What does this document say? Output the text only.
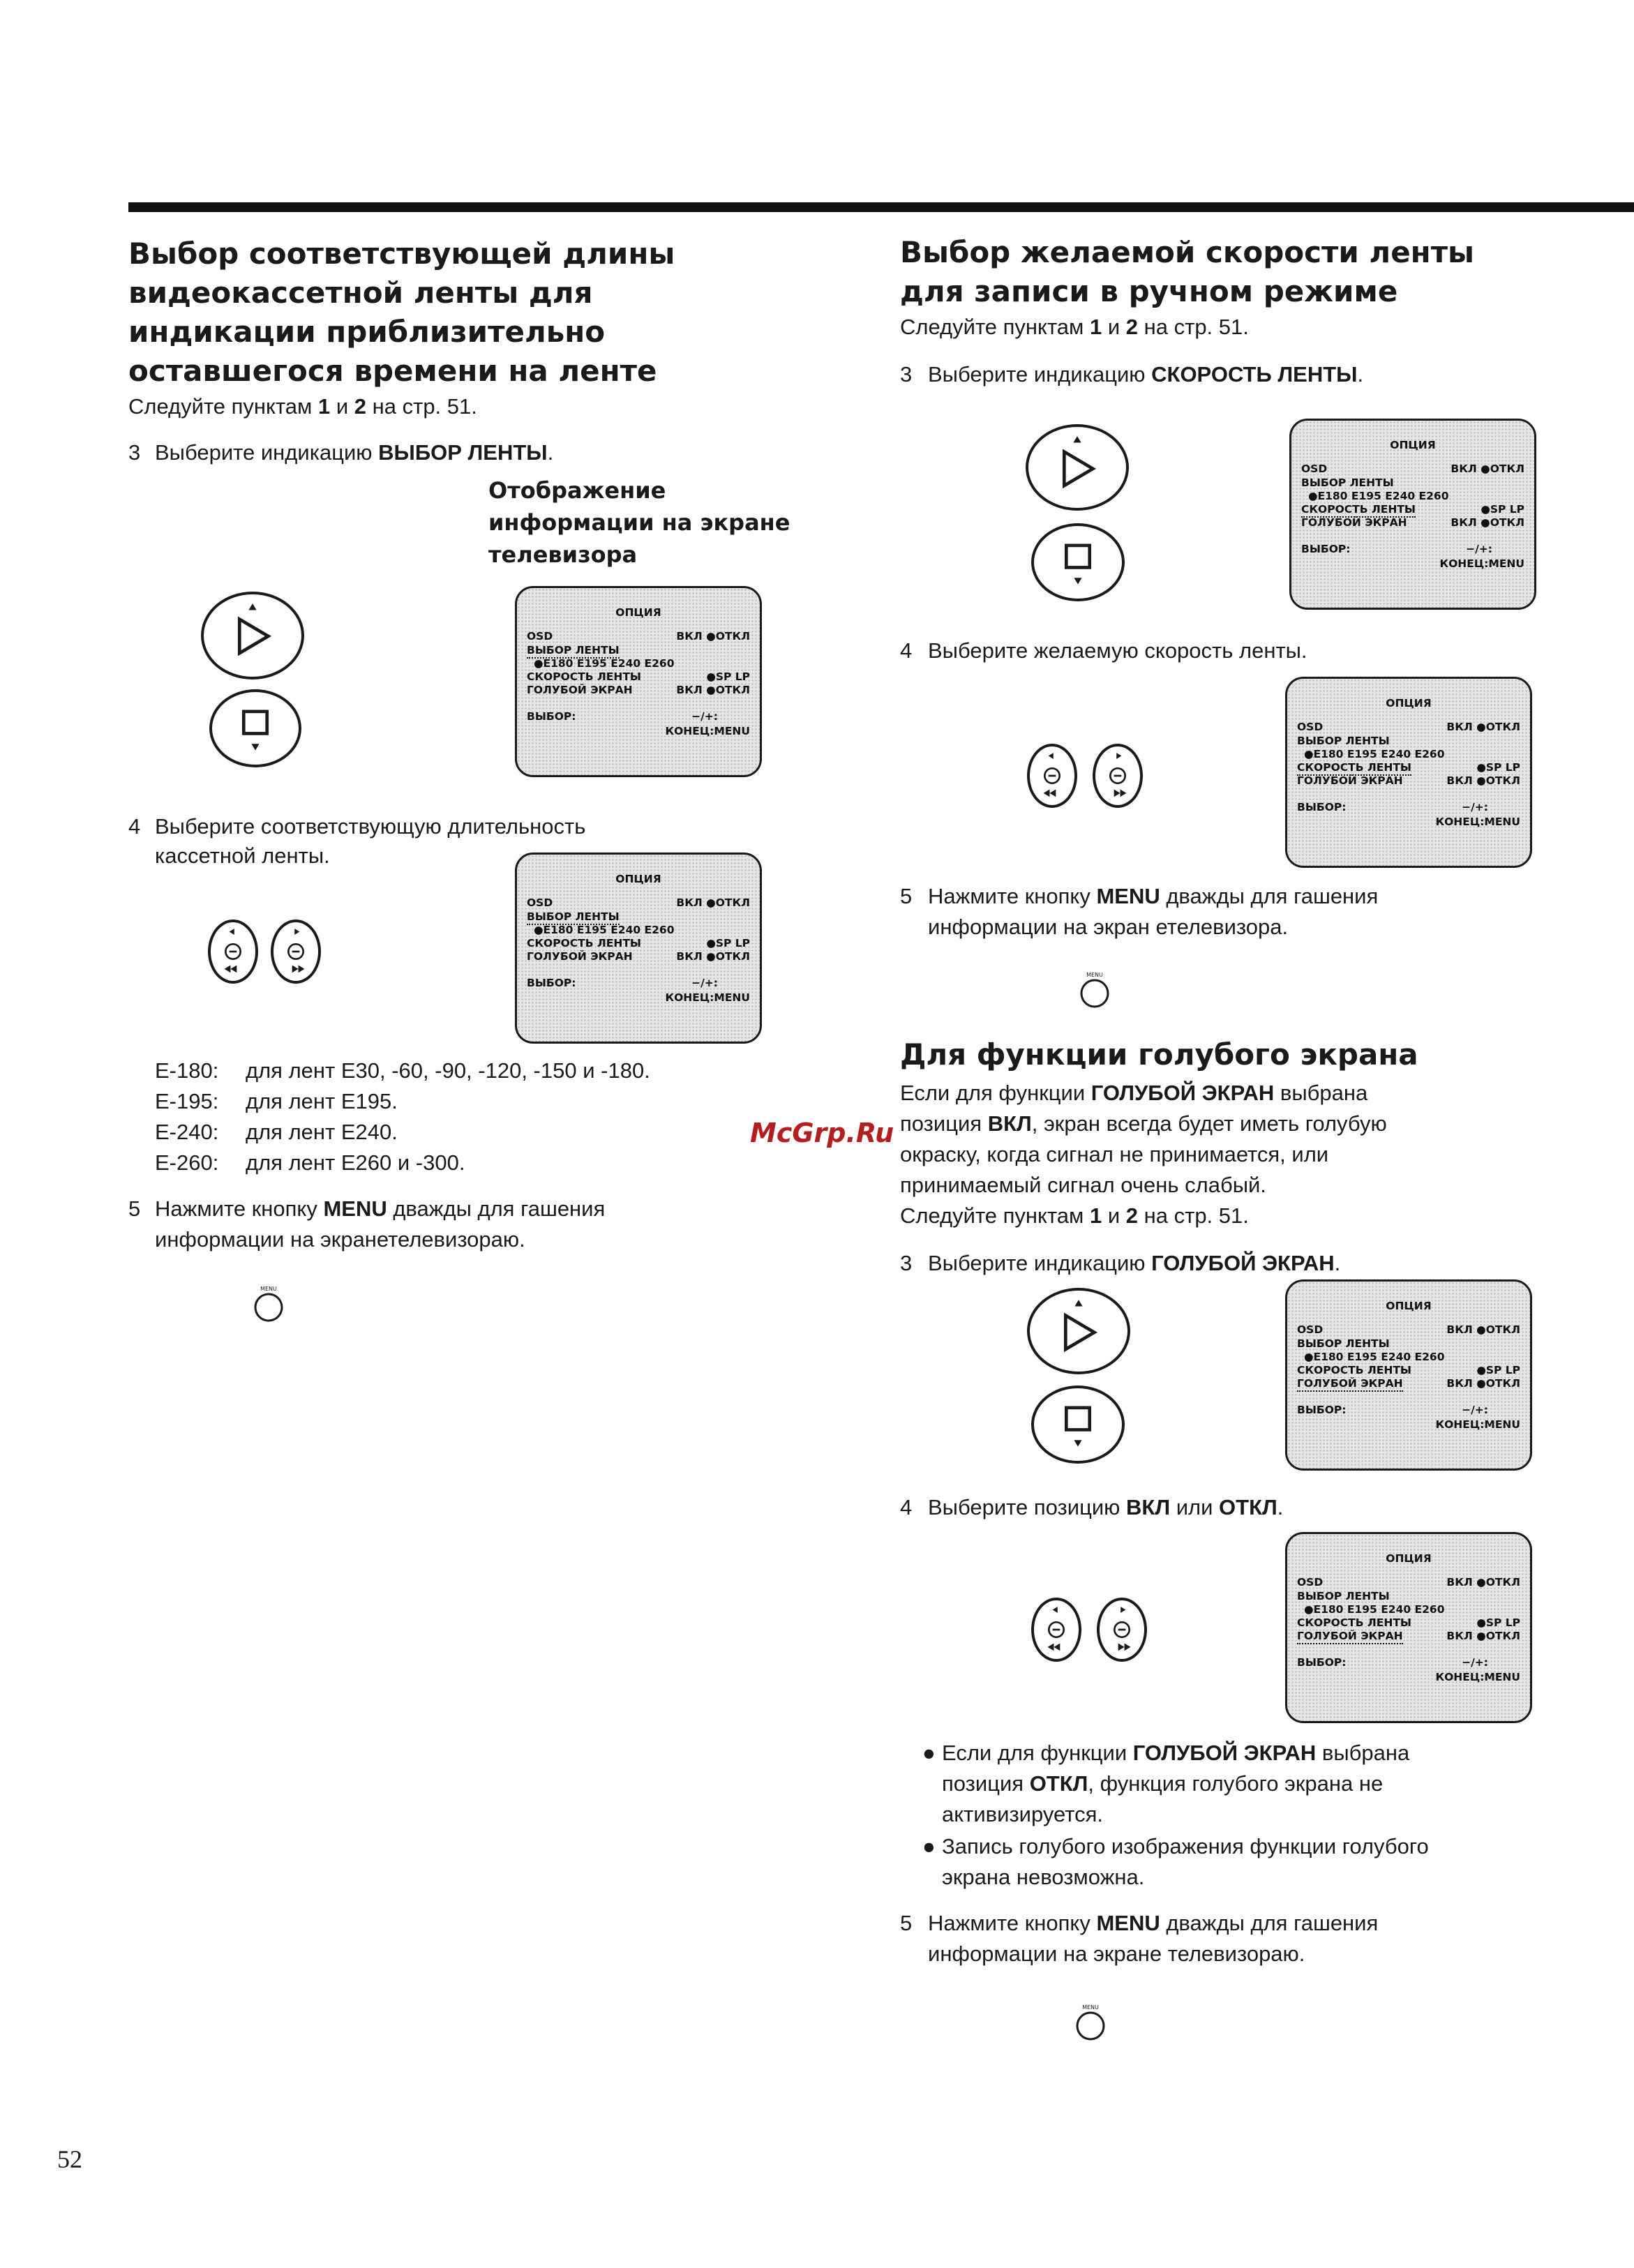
Выбор соответствующей длины
видеокассетной ленты для
индикации приблизительно
оставшегося времени на ленте
Следуйте пунктам 1 и 2 на стр. 51.
3 Выберите индикацию ВЫБОР ЛЕНТЫ.
Отображение
информации на экране
телевизора
ОПЦИЯ
OSD	ВКЛ ●ОТКЛ
ВЫБОР ЛЕНТЫ
●E180 E195 E240 E260
СКОРОСТЬ ЛЕНТЫ	●SP LP
ГОЛУБОЙ ЭКРАН	ВКЛ ●ОТКЛ
ВЫБОР:	−/+:
КОНЕЦ:MENU
4 Выберите соответствующую длительность
кассетной ленты.
ОПЦИЯ
OSD	ВКЛ ●ОТКЛ
ВЫБОР ЛЕНТЫ
●E180 E195 E240 E260
СКОРОСТЬ ЛЕНТЫ	●SP LP
ГОЛУБОЙ ЭКРАН	ВКЛ ●ОТКЛ
ВЫБОР:	−/+:
КОНЕЦ:MENU
E-180: для лент E30, -60, -90, -120, -150 и -180.
E-195: для лент E195.
E-240: для лент E240.
E-260: для лент E260 и -300.
5 Нажмите кнопку MENU дважды для гашения
информации на экранетелевизораю.
MENU
Выбор желаемой скорости ленты
для записи в ручном режиме
Следуйте пунктам 1 и 2 на стр. 51.
3 Выберите индикацию СКОРОСТЬ ЛЕНТЫ.
ОПЦИЯ
OSD	ВКЛ ●ОТКЛ
ВЫБОР ЛЕНТЫ
●E180 E195 E240 E260
СКОРОСТЬ ЛЕНТЫ	●SP LP
ГОЛУБОЙ ЭКРАН	ВКЛ ●ОТКЛ
ВЫБОР:	−/+:
КОНЕЦ:MENU
4 Выберите желаемую скорость ленты.
ОПЦИЯ
OSD	ВКЛ ●ОТКЛ
ВЫБОР ЛЕНТЫ
●E180 E195 E240 E260
СКОРОСТЬ ЛЕНТЫ	●SP LP
ГОЛУБОЙ ЭКРАН	ВКЛ ●ОТКЛ
ВЫБОР:	−/+:
КОНЕЦ:MENU
5 Нажмите кнопку MENU дважды для гашения
информации на экран етелевизора.
MENU
Для функции голубого экрана
Если для функции ГОЛУБОЙ ЭКРАН выбрана
позиция ВКЛ, экран всегда будет иметь голубую
окраску, когда сигнал не принимается, или
принимаемый сигнал очень слабый.
Следуйте пунктам 1 и 2 на стр. 51.
3 Выберите индикацию ГОЛУБОЙ ЭКРАН.
ОПЦИЯ
OSD	ВКЛ ●ОТКЛ
ВЫБОР ЛЕНТЫ
●E180 E195 E240 E260
СКОРОСТЬ ЛЕНТЫ	●SP LP
ГОЛУБОЙ ЭКРАН	ВКЛ ●ОТКЛ
ВЫБОР:	−/+:
КОНЕЦ:MENU
4 Выберите позицию ВКЛ или ОТКЛ.
ОПЦИЯ
OSD	ВКЛ ●ОТКЛ
ВЫБОР ЛЕНТЫ
●E180 E195 E240 E260
СКОРОСТЬ ЛЕНТЫ	●SP LP
ГОЛУБОЙ ЭКРАН	ВКЛ ●ОТКЛ
ВЫБОР:	−/+:
КОНЕЦ:MENU
● Если для функции ГОЛУБОЙ ЭКРАН выбрана
позиция ОТКЛ, функция голубого экрана не
активизируется.
● Запись голубого изображения функции голубого
экрана невозможна.
5 Нажмите кнопку MENU дважды для гашения
информации на экране телевизораю.
MENU
McGrp.Ru
52
